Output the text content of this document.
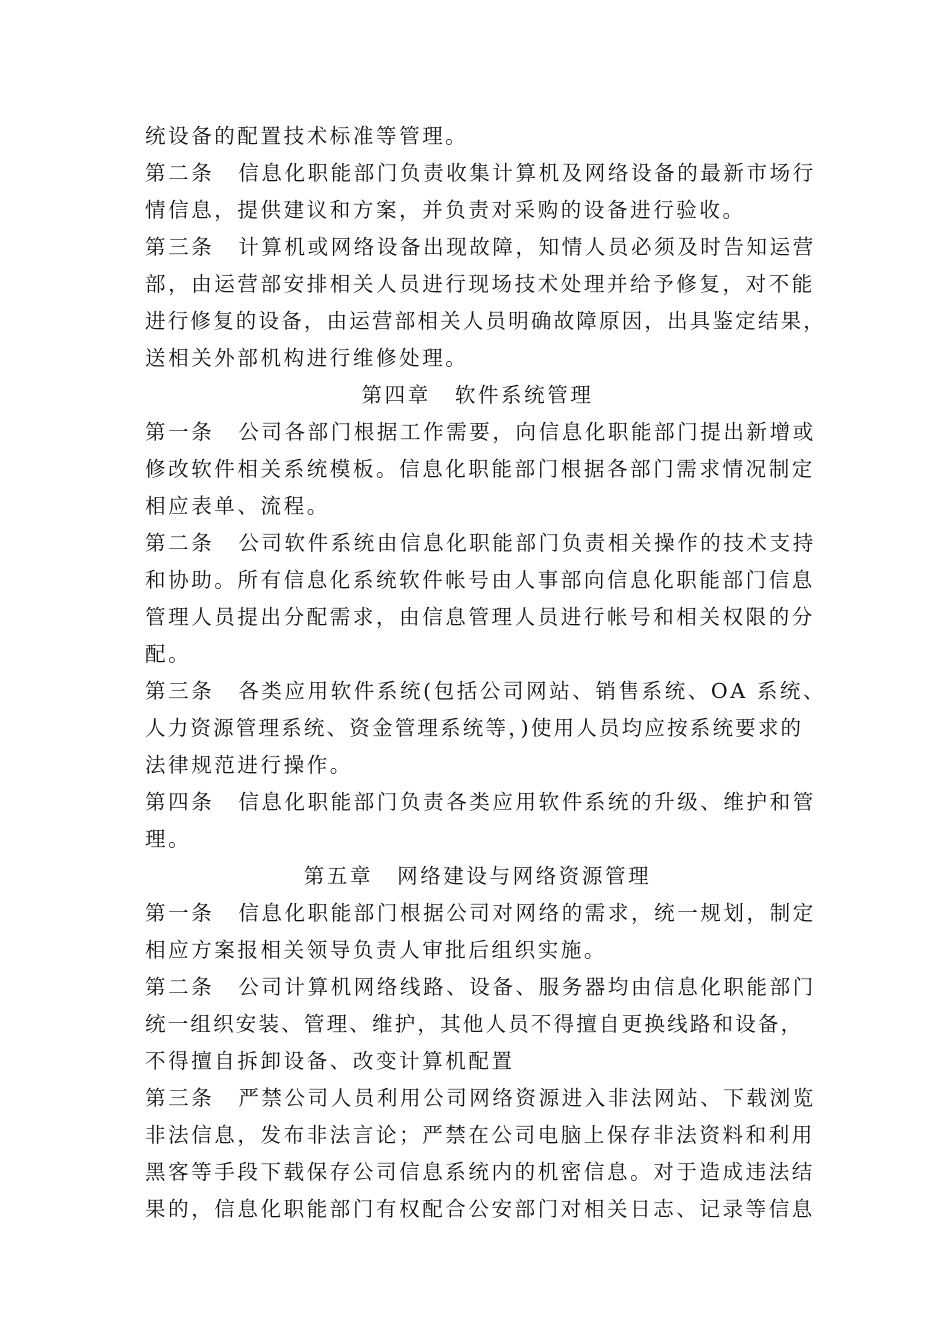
统设备的配置技术标准等管理。
第二条 信息化职能部门负责收集计算机及网络设备的最新市场行
情信息，提供建议和方案，并负责对采购的设备进行验收。
第三条 计算机或网络设备出现故障，知情人员必须及时告知运营
部，由运营部安排相关人员进行现场技术处理并给予修复，对不能
进行修复的设备，由运营部相关人员明确故障原因，出具鉴定结果，
送相关外部机构进行维修处理。
第四章 软件系统管理
第一条 公司各部门根据工作需要，向信息化职能部门提出新增或
修改软件相关系统模板。信息化职能部门根据各部门需求情况制定
相应表单、流程。
第二条 公司软件系统由信息化职能部门负责相关操作的技术支持
和协助。所有信息化系统软件帐号由人事部向信息化职能部门信息
管理人员提出分配需求，由信息管理人员进行帐号和相关权限的分
配。
第三条 各类应用软件系统(包括公司网站、销售系统、OA 系统、
人力资源管理系统、资金管理系统等，)使用人员均应按系统要求的
法律规范进行操作。
第四条 信息化职能部门负责各类应用软件系统的升级、维护和管
理。
第五章 网络建设与网络资源管理
第一条 信息化职能部门根据公司对网络的需求，统一规划，制定
相应方案报相关领导负责人审批后组织实施。
第二条 公司计算机网络线路、设备、服务器均由信息化职能部门
统一组织安装、管理、维护，其他人员不得擅自更换线路和设备，
不得擅自拆卸设备、改变计算机配置
第三条 严禁公司人员利用公司网络资源进入非法网站、下载浏览
非法信息，发布非法言论；严禁在公司电脑上保存非法资料和利用
黑客等手段下载保存公司信息系统内的机密信息。对于造成违法结
果的，信息化职能部门有权配合公安部门对相关日志、记录等信息
